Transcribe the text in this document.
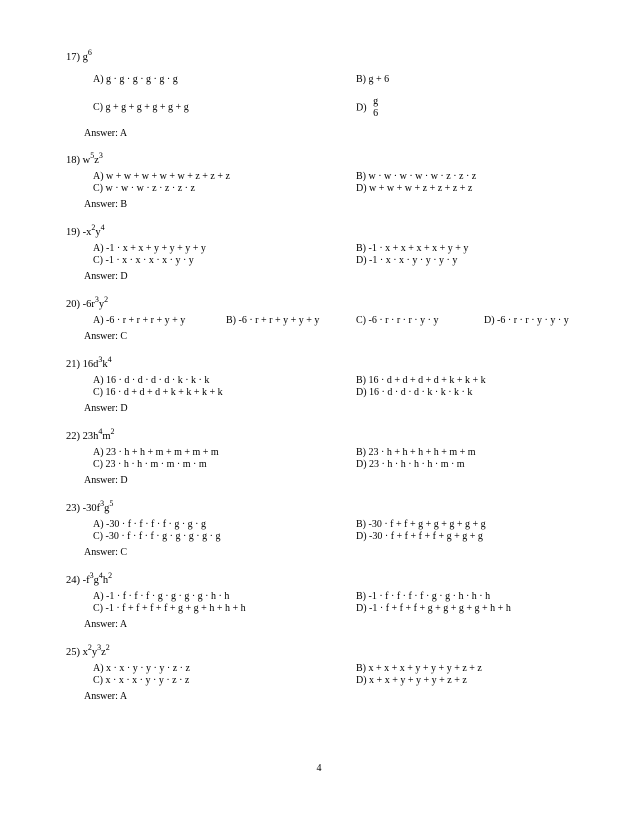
17) $g^6$
A) g · g · g · g · g · g	B) g + 6
C) g + g + g + g + g + g	D)
g
6
Answer: A
18) $w^5z^3$
A) w + w + w + w + w + z + z + z	B) w · w · w · w · w · z · z · z
C) w · w · w · z · z · z · z	D) w + w + w + z + z + z + z
Answer: B
19) $-x^2y^4$
A) -1 · x + x + y + y + y + y	B) -1 · x + x + x + x + y + y
C) -1 · x · x · x · x · y · y	D) -1 · x · x · y · y · y · y
Answer: D
20) $-6r^3y^2$
A) -6 · r + r + r + y + y	B) -6 · r + r + y + y + y	C) -6 · r · r · r · y · y	D) -6 · r · r · y · y · y
Answer: C
21) $16d^3k^4$
A) 16 · d · d · d · d · k · k · k	B) 16 · d + d + d + d + k + k + k
C) 16 · d + d + d + k + k + k + k	D) 16 · d · d · d · k · k · k · k
Answer: D
22) $23h^4m^2$
A) 23 · h + h + m + m + m + m	B) 23 · h + h + h + h + m + m
C) 23 · h · h · m · m · m · m	D) 23 · h · h · h · h · m · m
Answer: D
23) $-30f^3g^5$
A) -30 · f · f · f · f · g · g · g	B) -30 · f + f + g + g + g + g + g
C) -30 · f · f · f · g · g · g · g · g	D) -30 · f + f + f + f + g + g + g
Answer: C
24) $-f^3g^4h^2$
A) -1 · f · f · f · g · g · g · g · h · h	B) -1 · f · f · f · f · g · g · h · h · h
C) -1 · f + f + f + f + g + g + h + h + h	D) -1 · f + f + f + g + g + g + g + h + h
Answer: A
25) $x^2y^3z^2$
A) x · x · y · y · y · z · z	B) x + x + x + y + y + y + z + z
C) x · x · x · y · y · z · z	D) x + x + y + y + y + z + z
Answer: A
4
